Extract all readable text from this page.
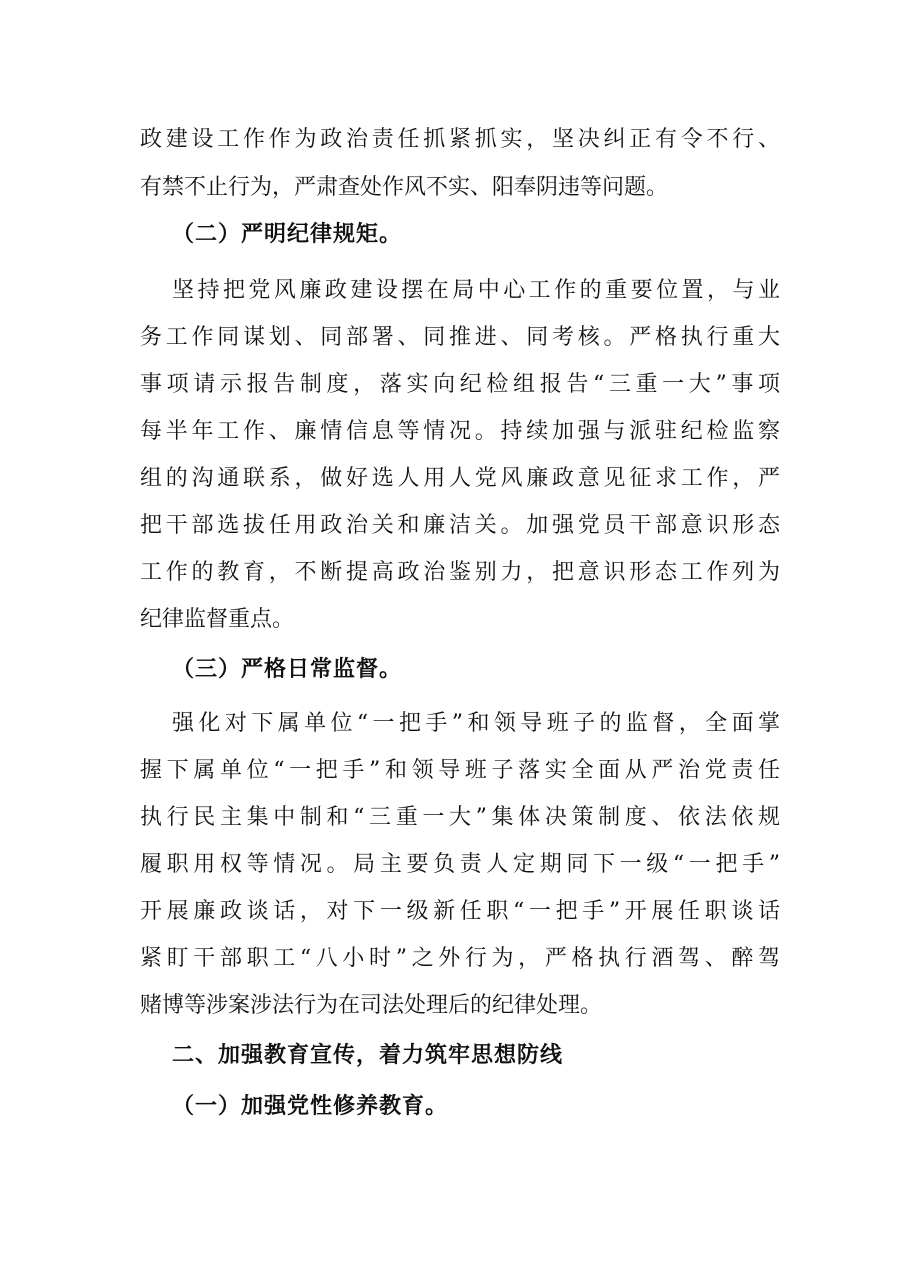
政建设工作作为政治责任抓紧抓实，坚决纠正有令不行、
有禁不止行为，严肃查处作风不实、阳奉阴违等问题。
（二）严明纪律规矩。
坚持把党风廉政建设摆在局中心工作的重要位置，与业
务工作同谋划、同部署、同推进、同考核。严格执行重大
事项请示报告制度，落实向纪检组报告“三重一大”事项
每半年工作、廉情信息等情况。持续加强与派驻纪检监察
组的沟通联系，做好选人用人党风廉政意见征求工作，严
把干部选拔任用政治关和廉洁关。加强党员干部意识形态
工作的教育，不断提高政治鉴别力，把意识形态工作列为
纪律监督重点。
（三）严格日常监督。
强化对下属单位“一把手”和领导班子的监督，全面掌
握下属单位“一把手”和领导班子落实全面从严治党责任
执行民主集中制和“三重一大”集体决策制度、依法依规
履职用权等情况。局主要负责人定期同下一级“一把手”
开展廉政谈话，对下一级新任职“一把手”开展任职谈话
紧盯干部职工“八小时”之外行为，严格执行酒驾、醉驾
赌博等涉案涉法行为在司法处理后的纪律处理。
二、加强教育宣传，着力筑牢思想防线
（一）加强党性修养教育。
